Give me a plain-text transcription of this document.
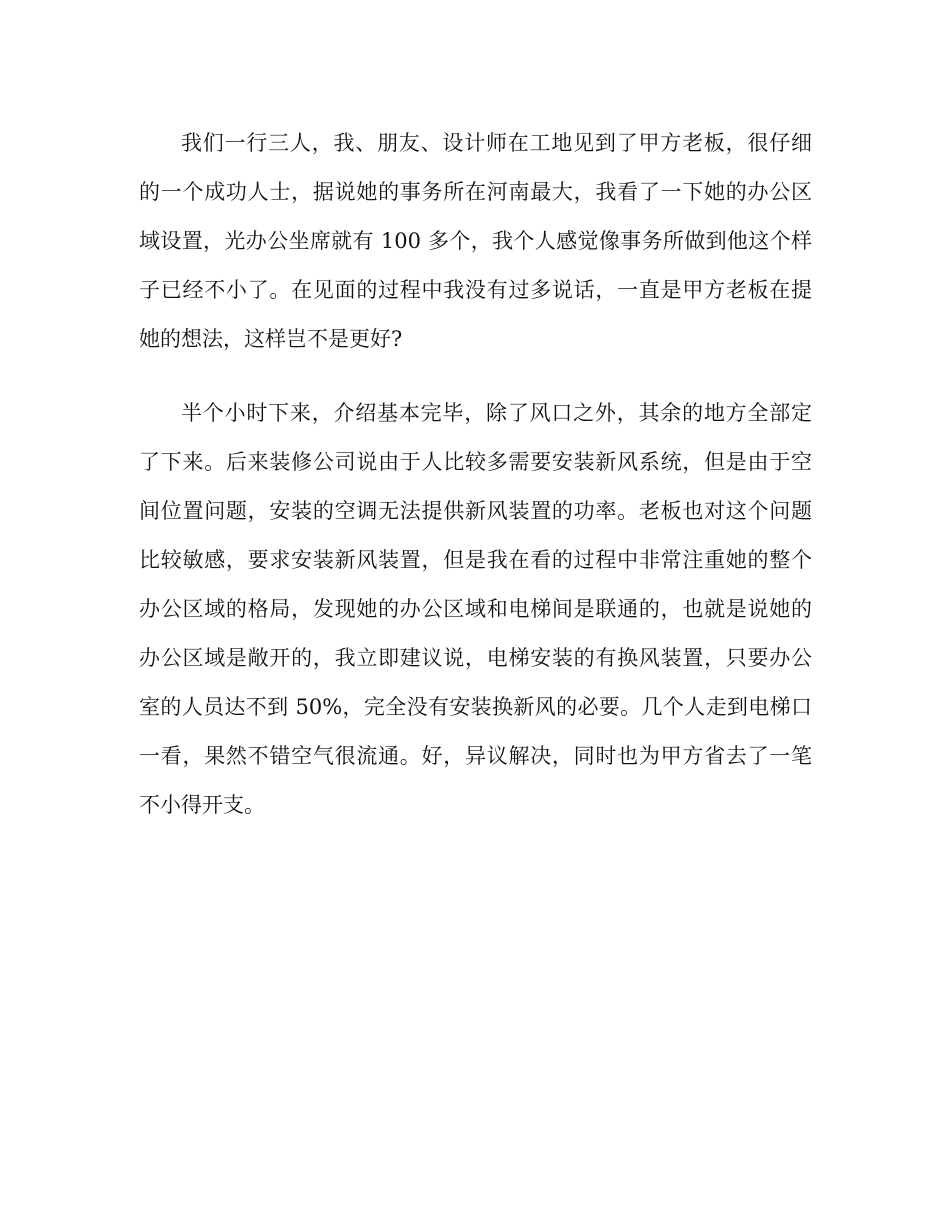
我们一行三人，我、朋友、设计师在工地见到了甲方老板，很仔细
的一个成功人士，据说她的事务所在河南最大，我看了一下她的办公区
域设置，光办公坐席就有 100 多个，我个人感觉像事务所做到他这个样
子已经不小了。在见面的过程中我没有过多说话，一直是甲方老板在提
她的想法，这样岂不是更好?
半个小时下来，介绍基本完毕，除了风口之外，其余的地方全部定
了下来。后来装修公司说由于人比较多需要安装新风系统，但是由于空
间位置问题，安装的空调无法提供新风装置的功率。老板也对这个问题
比较敏感，要求安装新风装置，但是我在看的过程中非常注重她的整个
办公区域的格局，发现她的办公区域和电梯间是联通的，也就是说她的
办公区域是敞开的，我立即建议说，电梯安装的有换风装置，只要办公
室的人员达不到 50%，完全没有安装换新风的必要。几个人走到电梯口
一看，果然不错空气很流通。好，异议解决，同时也为甲方省去了一笔
不小得开支。
